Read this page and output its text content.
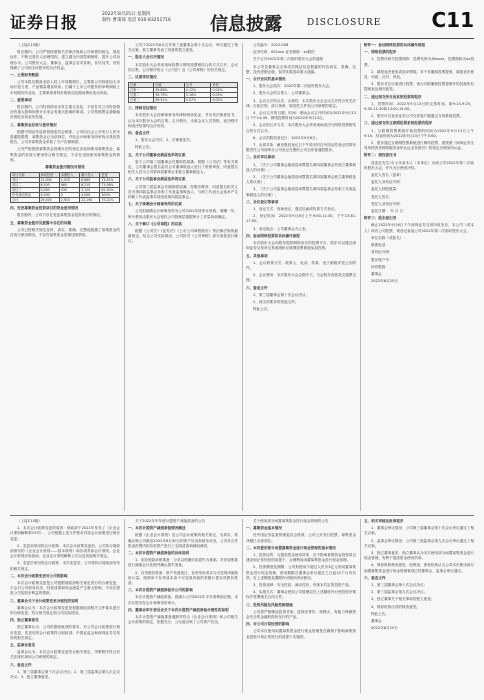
证券日报	2022年8月25日 星期四
制作 曹秉琛 电话 010-83251716 信息披露	DISCLOSURE	C11

（上接C10版）

报告期内，公司严格按照相关法律法规和公司章程的规定，规范运作，不断完善法人治理结构，建立健全内部控制制度，提升公司治理水平。公司股东大会、董事会、监事会各司其职，各尽其责，有效保障了公司和全体股东的合法权益。

一、主要财务数据

公司本报告期营业收入较上年同期增长，主要系公司持续加大市场开拓力度，产品销量增加所致；归属于上市公司股东的净利润较上年同期有所变动，主要系原材料价格波动及期间费用变动所致。

二、重要事项

报告期内，公司经营情况未发生重大变化，不存在对公司经营情况有重大影响和预计未来会有重大影响的事项。公司按照既定战略稳步推进各项业务发展。

三、募集资金存放与使用情况

根据中国证券监督管理委员会核准，公司向社会公开发行人民币普通股股票，募集资金已全部到位，并经会计师事务所审验出具验资报告。公司对募集资金采取了专户存储制度。

公司严格按照募集资金管理办法的规定存放和使用募集资金，募集资金的存放与使用符合相关规定，不存在违规使用募集资金的情形。

募集资金使用情况对照表

项目名称	承诺投资	本期投入	累计投入	进度
项目一	12,000	1,520	8,860	73.83%
项目二	8,500	960	6,210	73.06%
项目三	5,000	430	3,120	62.40%
补充流动资金	4,000	0	4,000	100%
合计	29,500	2,910	22,190	75.22%

四、变更募集资金投资项目的资金使用情况

报告期内，公司不存在变更募集资金投资项目的情况。

五、募集资金使用及披露中存在的问题

公司已按相关规定及时、真实、准确、完整地披露了募集资金的存放与使用情况，不存在募集资金管理违规情形。

公司于2022年8月召开第三届董事会第十次会议，审议通过了相关议案，独立董事发表了同意的独立意见。

一、股东大会召开情况

本次股东大会采用现场投票与网络投票相结合的方式召开，会议的召集、召开程序符合《公司法》及《公司章程》的有关规定。

二、议案审议情况

议案	同意	反对	弃权
议案一	99.86%	0.12%	0.02%
议案二	99.79%	0.18%	0.03%
议案三	99.91%	0.07%	0.02%

三、律师见证情况

本次股东大会经律师事务所律师现场见证，并出具法律意见书，认为本次股东大会的召集、召开程序、出席会议人员资格、表决程序和表决结果均合法有效。

四、备查文件

1、股东大会决议；2、法律意见书。

特此公告。

五、关于公司董事会换届选举的议案

鉴于公司第三届董事会任期即将届满，根据《公司法》等有关规定，公司董事会提名委员会对董事候选人进行了资格审查，同意提名相关人员为公司第四届董事会非独立董事候选人。

六、关于公司监事会换届选举的议案

公司第三届监事会任期即将届满，经股东推荐，同意提名相关人员为第四届监事会非职工代表监事候选人，与职工代表大会选举产生的职工代表监事共同组成第四届监事会。

七、关于续聘会计师事务所的议案

公司拟续聘会计师事务所为公司2022年度审计机构，聘期一年，审计费用由股东大会授权公司管理层根据审计工作量协商确定。

八、关于修订《公司章程》的议案

根据《公司法》《证券法》《上市公司章程指引》等法律法规的最新规定，结合公司实际情况，公司拟对《公司章程》部分条款进行修订。

公告编号：2022-058

证券代码：002xxx 证券简称：xx股份

关于召开2022年第二次临时股东大会的通知

本公司及董事会全体成员保证信息披露的内容真实、准确、完整，没有虚假记载、误导性陈述或重大遗漏。

一、召开会议的基本情况

1、股东大会届次：2022年第二次临时股东大会。

2、股东大会的召集人：公司董事会。

3、会议召开的合法、合规性：本次股东大会会议召开符合有关法律、行政法规、部门规章、规范性文件和公司章程的规定。

4、会议召开的日期、时间：现场会议召开时间为2022年9月13日下午14:30；网络投票时间为2022年9月13日。

5、会议的召开方式：本次股东大会采用现场表决与网络投票相结合的方式召开。

6、会议的股权登记日：2022年9月6日。

7、出席对象：截至股权登记日下午收市时在中国证券登记结算有限责任公司深圳分公司登记在册的公司全体普通股股东。

二、会议审议事项

1、《关于公司董事会换届选举暨提名第四届董事会非独立董事候选人的议案》；

2、《关于公司董事会换届选举暨提名第四届董事会独立董事候选人的议案》；

3、《关于公司监事会换届选举暨提名第四届监事会非职工代表监事候选人的议案》。

三、会议登记等事项

1、登记方式：现场登记、通过信函或传真方式登记。

2、登记时间：2022年9月8日上午9:00-11:30，下午13:30-17:00。

3、登记地点：公司董事会办公室。

四、参加网络投票的具体操作流程

本次股东大会向股东提供网络形式的投票平台，股东可以通过深圳证券交易所交易系统和互联网投票系统参加投票。

五、其他事项

1、会议联系方式：联系人、电话、传真、电子邮箱详见公告附件。

2、会议费用：本次股东大会会期半天，与会股东食宿及交通费自理。

六、备查文件

1、第三届董事会第十次会议决议；

2、深交所要求的其他文件。

特此公告。

附件一：参加网络投票的具体操作流程

一、网络投票的程序

1、投票代码与投票简称：投票代码为36xxxx，投票简称为xx投票。

2、填报表决意见或选举票数。对于非累积投票提案，填报表决意见：同意、反对、弃权。

3、股东对总议案进行投票，视为对除累积投票提案外的其他所有提案表达相同意见。

二、通过深交所交易系统投票的程序

1、投票时间：2022年9月13日的交易时间，即9:15-9:25，9:30-11:30和13:00-15:00。

2、股东可以登录证券公司交易客户端通过交易系统投票。

三、通过深交所互联网投票系统投票的程序

1、互联网投票系统开始投票的时间为2022年9月13日上午9:15，结束时间为2022年9月13日下午3:00。

2、股东通过互联网投票系统进行网络投票，需按照《深圳证券交易所投资者网络服务身份认证业务指引》的规定办理身份认证。

附件二：授权委托书

兹委托先生/女士代表本人（本单位）出席公司2022年第二次临时股东大会，并代为行使表决权。

委托人签名（盖章）：

委托人身份证号码：

委托人持股数量：

受托人签名：

受托人身份证号码：

委托日期： 年 月 日

附件三：股东登记表

截止2022年9月6日下午深圳证券交易所收市后，本公司（或本人）持有公司股票，现登记参加公司2022年第二次临时股东大会。

单位名称（或姓名）：

联系电话：

身份证号码：

股东账户号：

持有股数：

董事会

2022年8月25日

（上接C10版）

1、本次会计政策变更的原因：财政部于2021年发布了《企业会计准则解释第15号》，公司根据上述文件要求对原会计政策进行相应变更。

2、变更前采用的会计政策：本次会计政策变更前，公司执行财政部颁布的《企业会计准则——基本准则》和各项具体会计准则、企业会计准则应用指南、企业会计准则解释公告以及其他相关规定。

3、变更后采用的会计政策：本次变更后，公司将执行财政部发布的相关规定。

二、本次会计政策变更对公司的影响

本次会计政策变更是公司根据财政部相关规定进行的合理变更，不会对公司财务状况、经营成果和现金流量产生重大影响，不存在损害公司及股东利益的情形。

三、董事会关于会计政策变更合理性的说明

董事会认为：本次会计政策变更是根据财政部相关文件要求进行的合理变更，符合相关规定和公司实际情况。

四、独立董事意见

独立董事认为：公司依据财政部的要求，对公司会计政策进行相应变更，变更后的会计政策符合财政部、中国证监会和深圳证券交易所的相关规定。

五、监事会意见

监事会认为：本次会计政策变更符合相关规定，决策程序符合有关法律法规和公司章程的规定。

六、备查文件

1、第三届董事会第十次会议决议；2、第三届监事会第九次会议决议；3、独立董事意见。

关于2022年半年度计提资产减值准备的公告

一、本次计提资产减值准备情况概述

根据《企业会计准则》及公司会计政策的相关规定，为真实、准确反映公司截至2022年6月30日的资产状况和财务状况，公司对合并报表范围内的各类资产进行了全面清查和减值测试。

二、本次计提资产减值准备的具体说明

1、应收账款坏账准备：公司以预期信用损失为基础，对应收账款进行减值会计处理并确认损失准备。

2、存货跌价准备：资产负债表日，存货采用成本与可变现净值孰低计量，按照单个存货成本高于可变现净值的差额计提存货跌价准备。

三、本次计提资产减值准备对公司的影响

本次计提资产减值准备，将减少公司2022年半年度利润总额，本次计提未经会计师事务所审计。

四、董事会审计委员会关于本次计提资产减值准备合理性的说明

本次计提资产减值准备遵照并符合《企业会计准则》和公司相关会计政策的规定，依据充分，公允地反映了公司资产状况。

关于使用部分闲置募集资金进行现金管理的公告

一、募集资金基本情况

经中国证券监督管理委员会核准，公司公开发行股票，募集资金净额已全部到位。

二、本次使用部分闲置募集资金进行现金管理的基本情况

1、投资目的：为提高资金使用效率，在不影响募集资金投资项目建设和正常经营的前提下，合理利用闲置募集资金进行现金管理。

2、投资额度及期限：公司拟使用不超过人民币3亿元的闲置募集资金进行现金管理，使用期限自董事会审议通过之日起12个月内有效，在上述额度及期限内可循环滚动使用。

3、投资品种：安全性高、流动性好、有保本约定的投资产品。

4、实施方式：董事会授权公司管理层在上述额度内行使投资决策权并签署相关合同文件。

三、投资风险及风险控制措施

公司将严格筛选投资对象，选择信誉好、规模大、有能力保障资金安全的金融机构所发行的产品。

四、对公司日常经营的影响

公司本次使用闲置募集资金进行现金管理是在确保不影响募集资金投资计划正常进行的前提下实施的。

五、相关审核及批准程序

1、董事会审议情况：公司第三届董事会第十次会议审议通过了相关议案。

2、监事会审议情况：公司第三届监事会第九次会议审议通过了相关议案。

3、独立董事意见：独立董事认为本次使用部分闲置募集资金进行现金管理，有利于提高资金使用效率。

4、保荐机构核查意见：经核查，保荐机构认为公司本次使用部分闲置募集资金进行现金管理事项已经董事会、监事会审议通过。

六、备查文件

1、第三届董事会第十次会议决议；

2、第三届监事会第九次会议决议；

3、独立董事关于相关事项的独立意见；

4、保荐机构出具的核查意见。

特此公告。

董事会

2022年8月25日
